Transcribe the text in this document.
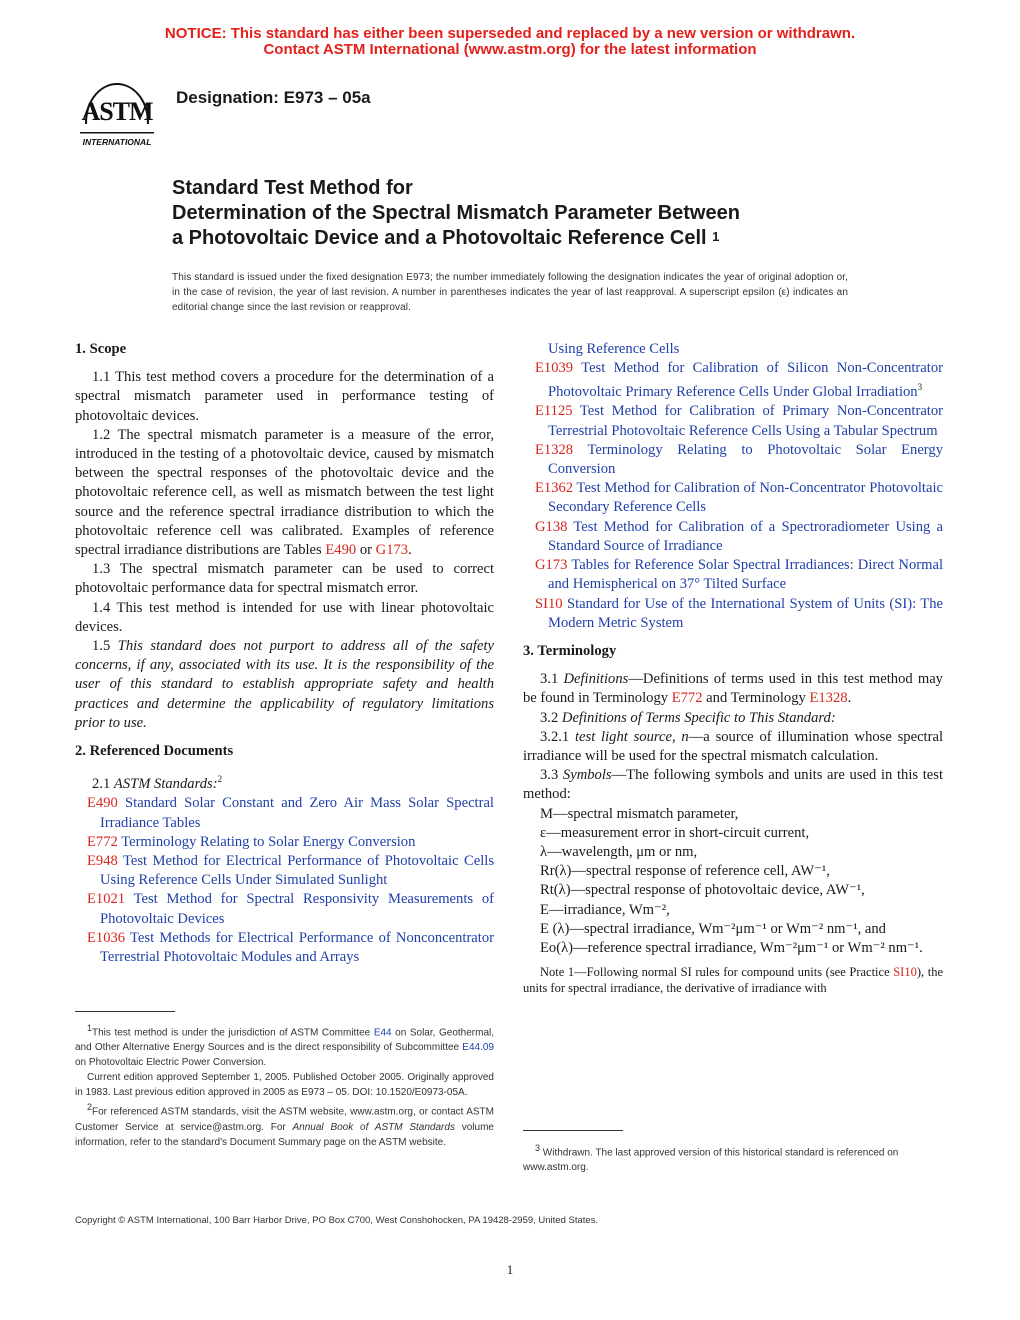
NOTICE: This standard has either been superseded and replaced by a new version or withdrawn.
Contact ASTM International (www.astm.org) for the latest information
ASTM
INTERNATIONAL
Designation: E973 – 05a
Standard Test Method for
Determination of the Spectral Mismatch Parameter Between
a Photovoltaic Device and a Photovoltaic Reference Cell $^1$
This standard is issued under the fixed designation E973; the number immediately following the designation indicates the year of original adoption or, in the case of revision, the year of last revision. A number in parentheses indicates the year of last reapproval. A superscript epsilon (ε) indicates an editorial change since the last revision or reapproval.

1. Scope

1.1 This test method covers a procedure for the determination of a spectral mismatch parameter used in performance testing of photovoltaic devices.

1.2 The spectral mismatch parameter is a measure of the error, introduced in the testing of a photovoltaic device, caused by mismatch between the spectral responses of the photovoltaic device and the photovoltaic reference cell, as well as mismatch between the test light source and the reference spectral irradiance distribution to which the photovoltaic reference cell was calibrated. Examples of reference spectral irradiance distributions are Tables E490 or G173.

1.3 The spectral mismatch parameter can be used to correct photovoltaic performance data for spectral mismatch error.

1.4 This test method is intended for use with linear photovoltaic devices.

1.5 This standard does not purport to address all of the safety concerns, if any, associated with its use. It is the responsibility of the user of this standard to establish appropriate safety and health practices and determine the applicability of regulatory limitations prior to use.

2. Referenced Documents

2.1 ASTM Standards:$^2$

E490 Standard Solar Constant and Zero Air Mass Solar Spectral Irradiance Tables

E772 Terminology Relating to Solar Energy Conversion

E948 Test Method for Electrical Performance of Photovoltaic Cells Using Reference Cells Under Simulated Sunlight

E1021 Test Method for Spectral Responsivity Measurements of Photovoltaic Devices

E1036 Test Methods for Electrical Performance of Nonconcentrator Terrestrial Photovoltaic Modules and Arrays

$^1$This test method is under the jurisdiction of ASTM Committee E44 on Solar, Geothermal, and Other Alternative Energy Sources and is the direct responsibility of Subcommittee E44.09 on Photovoltaic Electric Power Conversion.

Current edition approved September 1, 2005. Published October 2005. Originally approved in 1983. Last previous edition approved in 2005 as E973 – 05. DOI: 10.1520/E0973-05A.

$^2$For referenced ASTM standards, visit the ASTM website, www.astm.org, or contact ASTM Customer Service at service@astm.org. For Annual Book of ASTM Standards volume information, refer to the standard's Document Summary page on the ASTM website.

Using Reference Cells

E1039 Test Method for Calibration of Silicon Non-Concentrator Photovoltaic Primary Reference Cells Under Global Irradiation$^3$

E1125 Test Method for Calibration of Primary Non-Concentrator Terrestrial Photovoltaic Reference Cells Using a Tabular Spectrum

E1328 Terminology Relating to Photovoltaic Solar Energy Conversion

E1362 Test Method for Calibration of Non-Concentrator Photovoltaic Secondary Reference Cells

G138 Test Method for Calibration of a Spectroradiometer Using a Standard Source of Irradiance

G173 Tables for Reference Solar Spectral Irradiances: Direct Normal and Hemispherical on 37° Tilted Surface

SI10 Standard for Use of the International System of Units (SI): The Modern Metric System

3. Terminology

3.1 Definitions—Definitions of terms used in this test method may be found in Terminology E772 and Terminology E1328.

3.2 Definitions of Terms Specific to This Standard:

3.2.1 test light source, n—a source of illumination whose spectral irradiance will be used for the spectral mismatch calculation.

3.3 Symbols—The following symbols and units are used in this test method:

M—spectral mismatch parameter,

ε—measurement error in short-circuit current,

λ—wavelength, μm or nm,

Rr(λ)—spectral response of reference cell, AW⁻¹,

Rt(λ)—spectral response of photovoltaic device, AW⁻¹,

E—irradiance, Wm⁻²,

E (λ)—spectral irradiance, Wm⁻²μm⁻¹ or Wm⁻² nm⁻¹, and

Eo(λ)—reference spectral irradiance, Wm⁻²μm⁻¹ or Wm⁻² nm⁻¹.

Note 1—Following normal SI rules for compound units (see Practice SI10), the units for spectral irradiance, the derivative of irradiance with

$^3$ Withdrawn. The last approved version of this historical standard is referenced on www.astm.org.

Copyright © ASTM International, 100 Barr Harbor Drive, PO Box C700, West Conshohocken, PA 19428-2959, United States.
1
